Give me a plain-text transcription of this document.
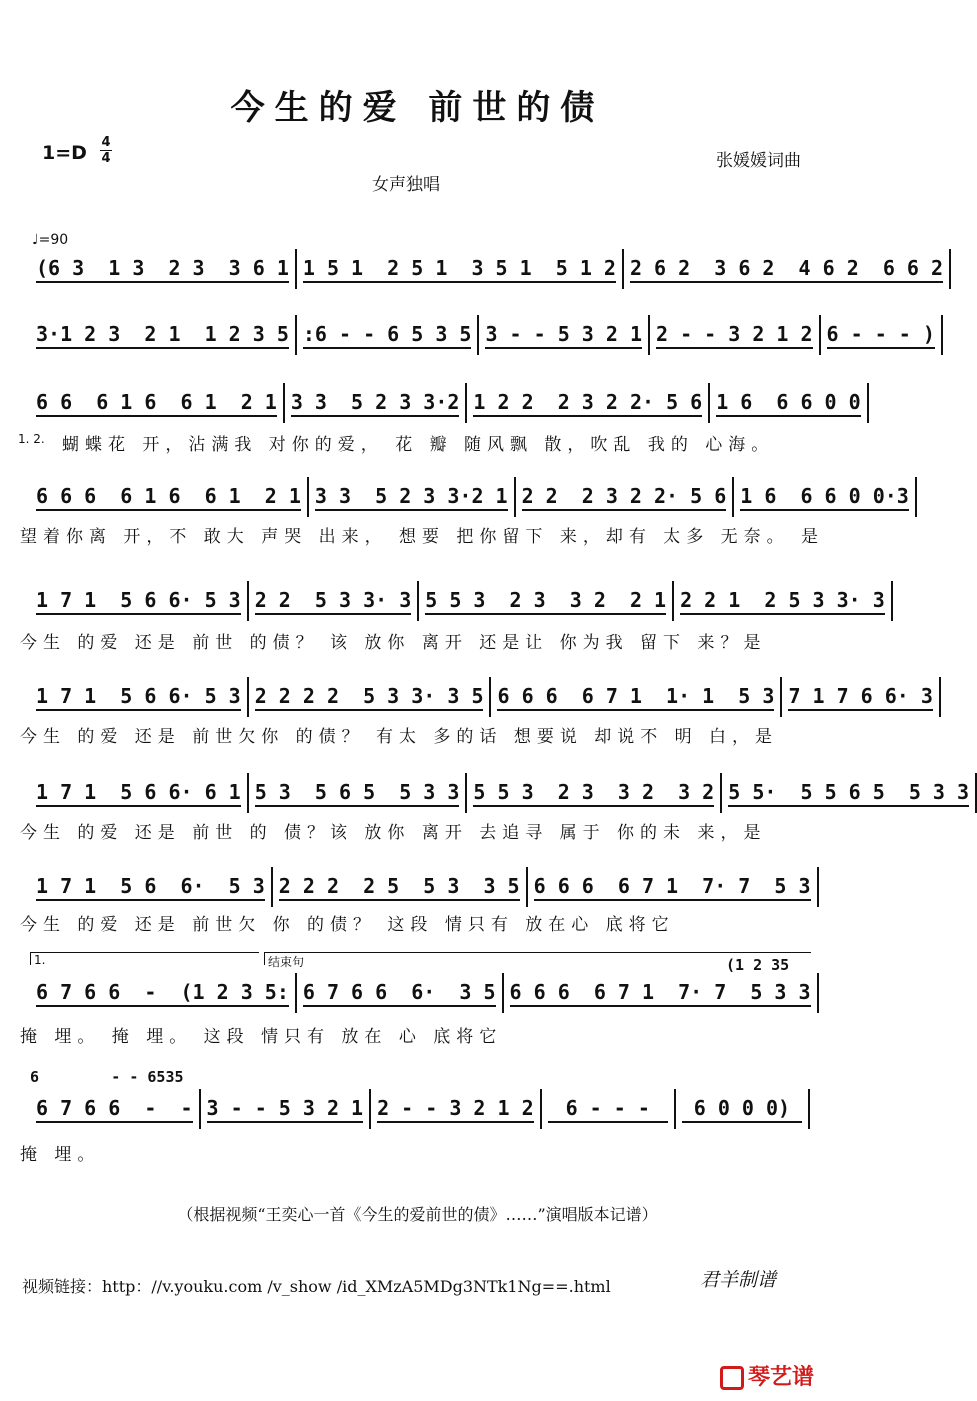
今生的爱 前世的债
1=D 4
4	张媛媛词曲
女声独唱
♩=90
(6 3  1 3  2 3  3 6 1 1 5 1  2 5 1  3 5 1  5 1 2 2 6 2  3 6 2  4 6 2  6 6 2
3·1 2 3  2 1  1 2 3 5 :6 - - 6 5 3 5 3 - - 5 3 2 1 2 - - 3 2 1 2 6 - - - )
6 6  6 1 6  6 1  2 1 3 3  5 2 3 3·2 1 2 2  2 3 2 2· 5 6 1 6  6 6 0 0
6 6 6  6 1 6  6 1  2 1 3 3  5 2 3 3·2 1 2 2  2 3 2 2· 5 6 1 6  6 6 0 0·3
1 7 1  5 6 6· 5 3 2 2  5 3 3· 3 5 5 3  2 3  3 2  2 1 2 2 1  2 5 3 3· 3
1 7 1  5 6 6· 5 3 2 2 2 2  5 3 3· 3 5 6 6 6  6 7 1  1· 1  5 3 7 1 7 6 6· 3
1 7 1  5 6 6· 6 1 5 3  5 6 5  5 3 3 5 5 3  2 3  3 2  3 2 5 5·  5 5 6 5  5 3 3
1 7 1  5 6  6·  5 3 2 2 2  2 5  5 3  3 5 6 6 6  6 7 1  7· 7  5 3
6 7 6 6  -  (1 2 3 5: 6 7 6 6  6·  3 5 6 6 6  6 7 1  7· 7  5 3 3
6 7 6 6  -  - 3 - - 5 3 2 1 2 - - 3 2 1 2	6 - - -	6 0 0 0)
蝴蝶花 开，沾满我 对你的爱， 花 瓣 随风飘 散，吹乱 我的 心海。
望着你离 开，不 敢大 声哭 出来， 想要 把你留下 来，却有 太多 无奈。 是
今生 的爱 还是 前世 的债？ 该 放你 离开 还是让 你为我 留下 来？是
今生 的爱 还是 前世欠你 的债？ 有太 多的话 想要说 却说不 明 白，是
今生 的爱 还是 前世 的 债？该 放你 离开 去追寻 属于 你的未 来，是
今生 的爱 还是 前世欠 你 的债？ 这段 情只有 放在心 底将它
掩 埋。 掩 埋。 这段 情只有 放在 心 底将它
掩 埋。
1. 2.
1.	结束句	(1 2 35
6        - - 6535
（根据视频“王奕心一首《今生的爱前世的债》……”演唱版本记谱）
视频链接：http：//v.youku.com /v_show /id_XMzA5MDg3NTk1Ng==.html	君羊制谱
琴艺谱
